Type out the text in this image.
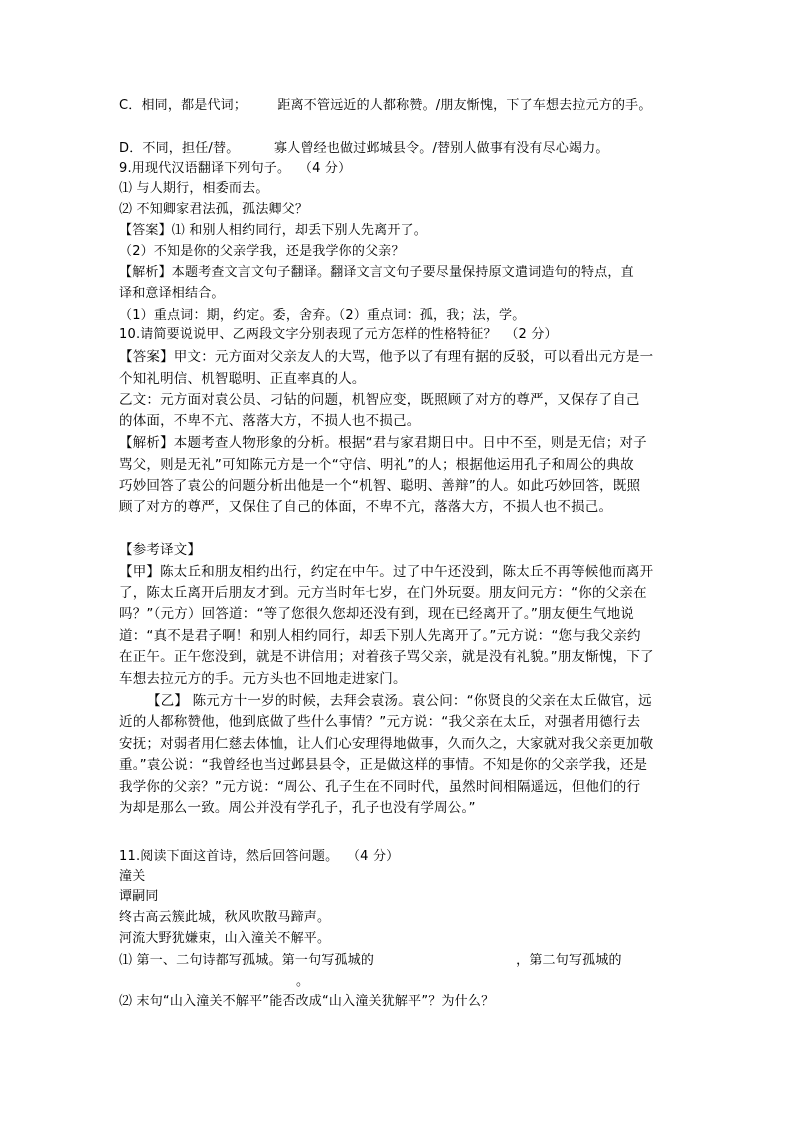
C．相同，都是代词；       距离不管远近的人都称赞。/朋友惭愧，下了车想去拉元方的手。
D．不同，担任/替。        寡人曾经也做过邺城县令。/替别人做事有没有尽心竭力。
9.用现代汉语翻译下列句子。  （4 分）
⑴ 与人期行，相委而去。
⑵ 不知卿家君法孤，孤法卿父？
【答案】⑴ 和别人相约同行，却丢下别人先离开了。
（2）不知是你的父亲学我，还是我学你的父亲？
【解析】本题考查文言文句子翻译。翻译文言文句子要尽量保持原文遣词造句的特点，直
译和意译相结合。
（1）重点词：期，约定。委，舍弃。（2）重点词：孤，我；法，学。
10.请简要说说甲、乙两段文字分别表现了元方怎样的性格特征？  （2 分）
【答案】甲文：元方面对父亲友人的大骂，他予以了有理有据的反驳，可以看出元方是一
个知礼明信、机智聪明、正直率真的人。
乙文：元方面对袁公员、刁钻的问题，机智应变，既照顾了对方的尊严，又保存了自己
的体面，不卑不亢、落落大方，不损人也不损己。
【解析】本题考查人物形象的分析。根据“君与家君期日中。日中不至，则是无信；对子
骂父，则是无礼”可知陈元方是一个“守信、明礼”的人；根据他运用孔子和周公的典故
巧妙回答了袁公的问题分析出他是一个“机智、聪明、善辩”的人。如此巧妙回答，既照
顾了对方的尊严，又保住了自己的体面，不卑不亢，落落大方，不损人也不损己。
【参考译文】
【甲】陈太丘和朋友相约出行，约定在中午。过了中午还没到，陈太丘不再等候他而离开
了，陈太丘离开后朋友才到。元方当时年七岁，在门外玩耍。朋友问元方：“你的父亲在
吗？”（元方）回答道：“等了您很久您却还没有到，现在已经离开了。”朋友便生气地说
道：“真不是君子啊！和别人相约同行，却丢下别人先离开了。”元方说：“您与我父亲约
在正午。正午您没到，就是不讲信用；对着孩子骂父亲，就是没有礼貌。”朋友惭愧，下了
车想去拉元方的手。元方头也不回地走进家门。
【乙】 陈元方十一岁的时候，去拜会袁汤。袁公问：“你贤良的父亲在太丘做官，远
近的人都称赞他，他到底做了些什么事情？”元方说：“我父亲在太丘，对强者用德行去
安抚；对弱者用仁慈去体恤，让人们心安理得地做事，久而久之，大家就对我父亲更加敬
重。”袁公说：“我曾经也当过邺县县令，正是做这样的事情。不知是你的父亲学我，还是
我学你的父亲？”元方说：“周公、孔子生在不同时代，虽然时间相隔遥远，但他们的行
为却是那么一致。周公并没有学孔子，孔子也没有学周公。”
11.阅读下面这首诗，然后回答问题。  （4 分）
潼关
谭嗣同
终古高云簇此城，秋风吹散马蹄声。
河流大野犹嫌束，山入潼关不解平。
⑴ 第一、二句诗都写孤城。第一句写孤城的	，第二句写孤城的
。
⑵ 末句“山入潼关不解平”能否改成“山入潼关犹解平”？为什么？
